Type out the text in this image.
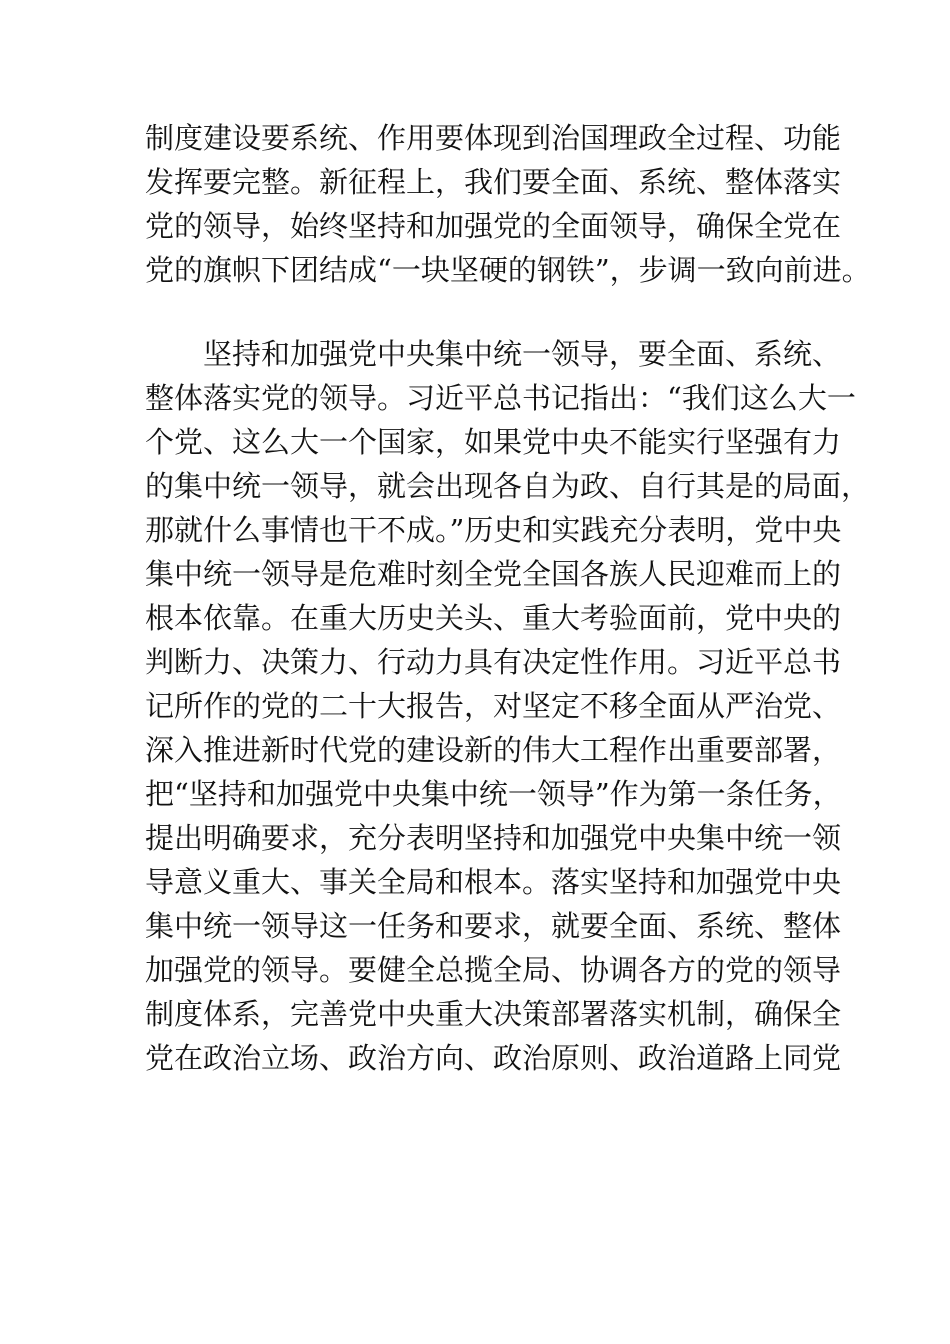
制度建设要系统、作用要体现到治国理政全过程、功能
发挥要完整。新征程上，我们要全面、系统、整体落实
党的领导，始终坚持和加强党的全面领导，确保全党在
党的旗帜下团结成“一块坚硬的钢铁”，步调一致向前进。
　　坚持和加强党中央集中统一领导，要全面、系统、
整体落实党的领导。习近平总书记指出：“我们这么大一
个党、这么大一个国家，如果党中央不能实行坚强有力
的集中统一领导，就会出现各自为政、自行其是的局面，
那就什么事情也干不成。”历史和实践充分表明，党中央
集中统一领导是危难时刻全党全国各族人民迎难而上的
根本依靠。在重大历史关头、重大考验面前，党中央的
判断力、决策力、行动力具有决定性作用。习近平总书
记所作的党的二十大报告，对坚定不移全面从严治党、
深入推进新时代党的建设新的伟大工程作出重要部署，
把“坚持和加强党中央集中统一领导”作为第一条任务，
提出明确要求，充分表明坚持和加强党中央集中统一领
导意义重大、事关全局和根本。落实坚持和加强党中央
集中统一领导这一任务和要求，就要全面、系统、整体
加强党的领导。要健全总揽全局、协调各方的党的领导
制度体系，完善党中央重大决策部署落实机制，确保全
党在政治立场、政治方向、政治原则、政治道路上同党
